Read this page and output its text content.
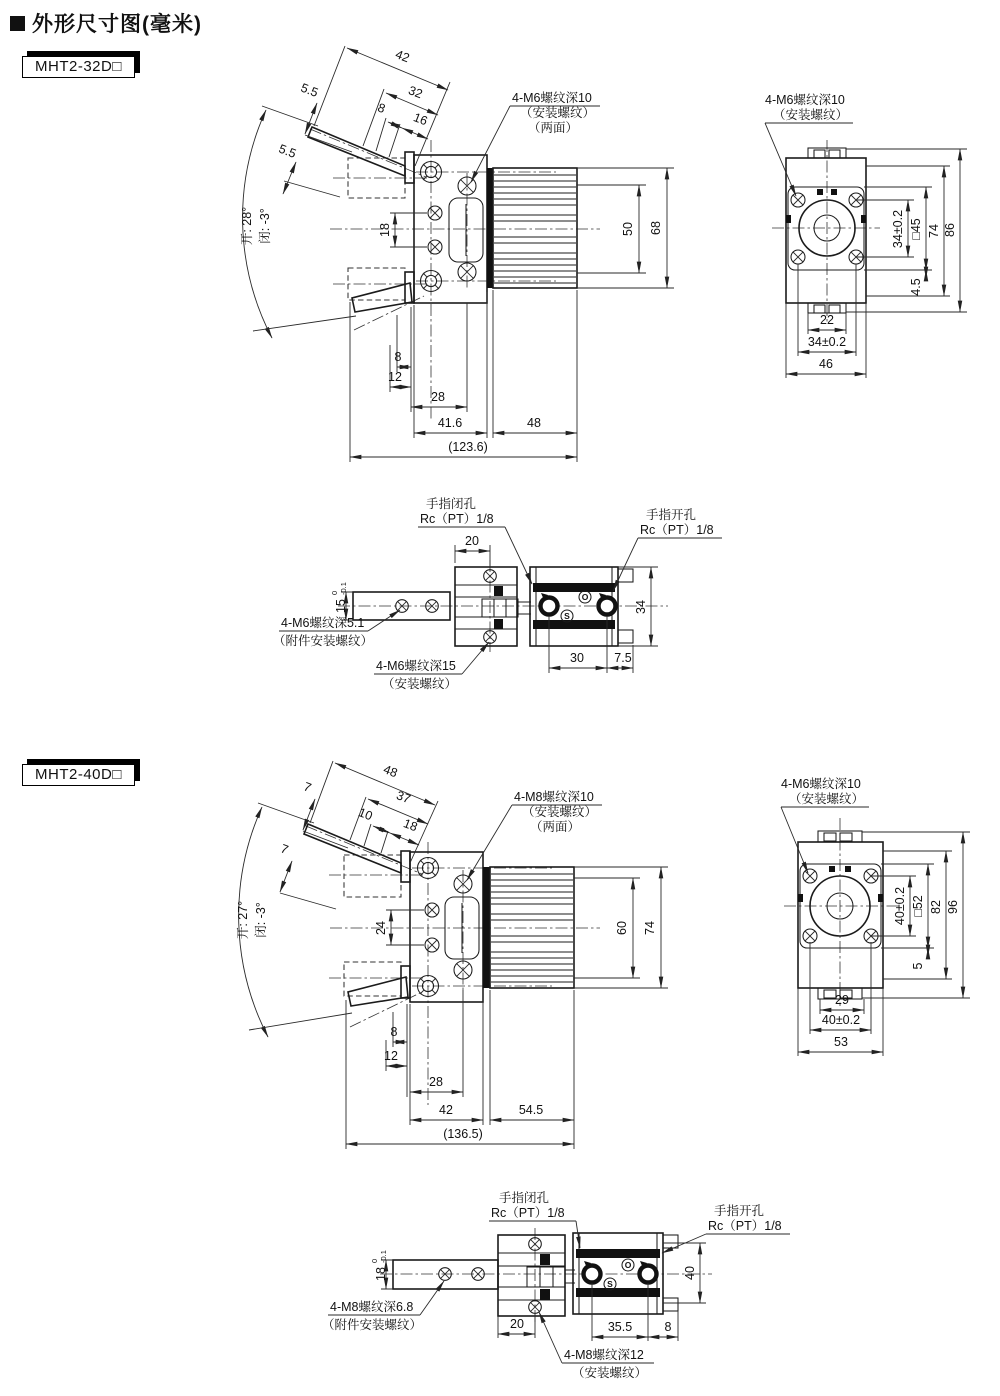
外形尺寸图(毫米)
MHT2-32D□
MHT2-40D□
开: 28° 闭: -3°
42
32
8
16
5.5
5.5
18	50 68
4-M6螺纹深10
（安装螺纹）
（两面）
8
12
28
41.6	48
(123.6)
34±0.2 □45 74 86
4.5
22
34±0.2
46
4-M6螺纹深10
（安装螺纹）
15
0 -0.1
S
O
20
34
30 7.5
手指闭孔
Rc（PT）1/8	手指开孔
Rc（PT）1/8
4-M6螺纹深5.1
（附件安装螺纹）
4-M6螺纹深15
（安装螺纹）
开: 27° 闭: -3°
48
37
10
18
7
7
24	60 74
4-M8螺纹深10
（安装螺纹）
（两面）
8
12
28
42	54.5
(136.5)
40±0.2 □52 82 96
5
29
40±0.2
53
4-M6螺纹深10
（安装螺纹）
18
0 -0.1
S
O
20	35.5	8
40
手指闭孔
Rc（PT）1/8	手指开孔
Rc（PT）1/8
4-M8螺纹深6.8
（附件安装螺纹）
4-M8螺纹深12
（安装螺纹）
